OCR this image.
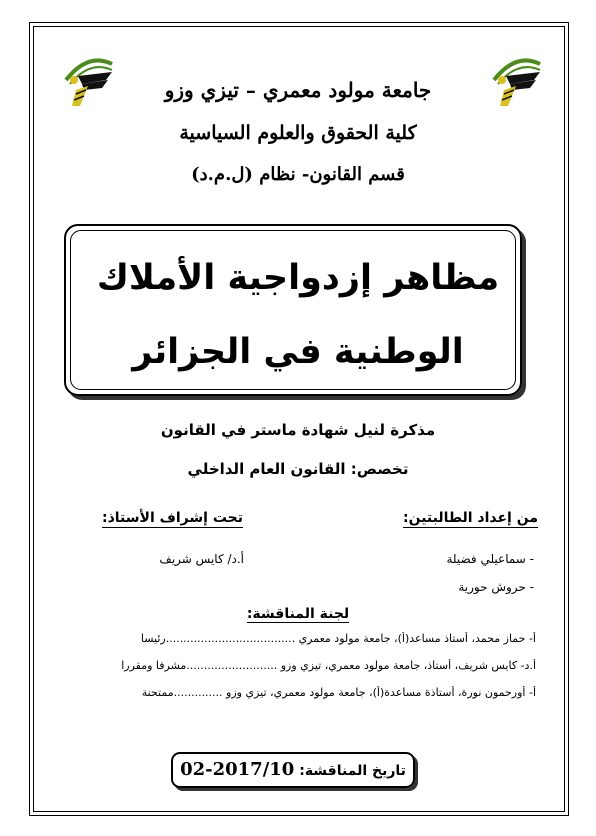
جامعة مولود معمري – تيزي وزو
كلية الحقوق والعلوم السياسية
قسم القانون- نظام (ل.م.د)
مظاهر إزدواجية الأملاك
الوطنية في الجزائر
مذكرة لنيل شهادة ماستر في القانون
تخصص: القانون العام الداخلي
من إعداد الطالبتين:
تحت إشراف الأستاذ:
- سماعيلي فضيلة
- حروش حورية
أ.د/ كايس شريف
لجنة المناقشة:
أ- حماز محمد، أستاذ مساعد(أ)، جامعة مولود معمري .....................................رئيسا
أ.د- كايس شريف، أستاذ، جامعة مولود معمري، تيزي وزو ..........................مشرفا ومقررا
أ- أورحمون نورة، أستاذة مساعدة(أ)، جامعة مولود معمري، تيزي وزو ..............ممتحنة
تاريخ المناقشة: 2017/10-02
